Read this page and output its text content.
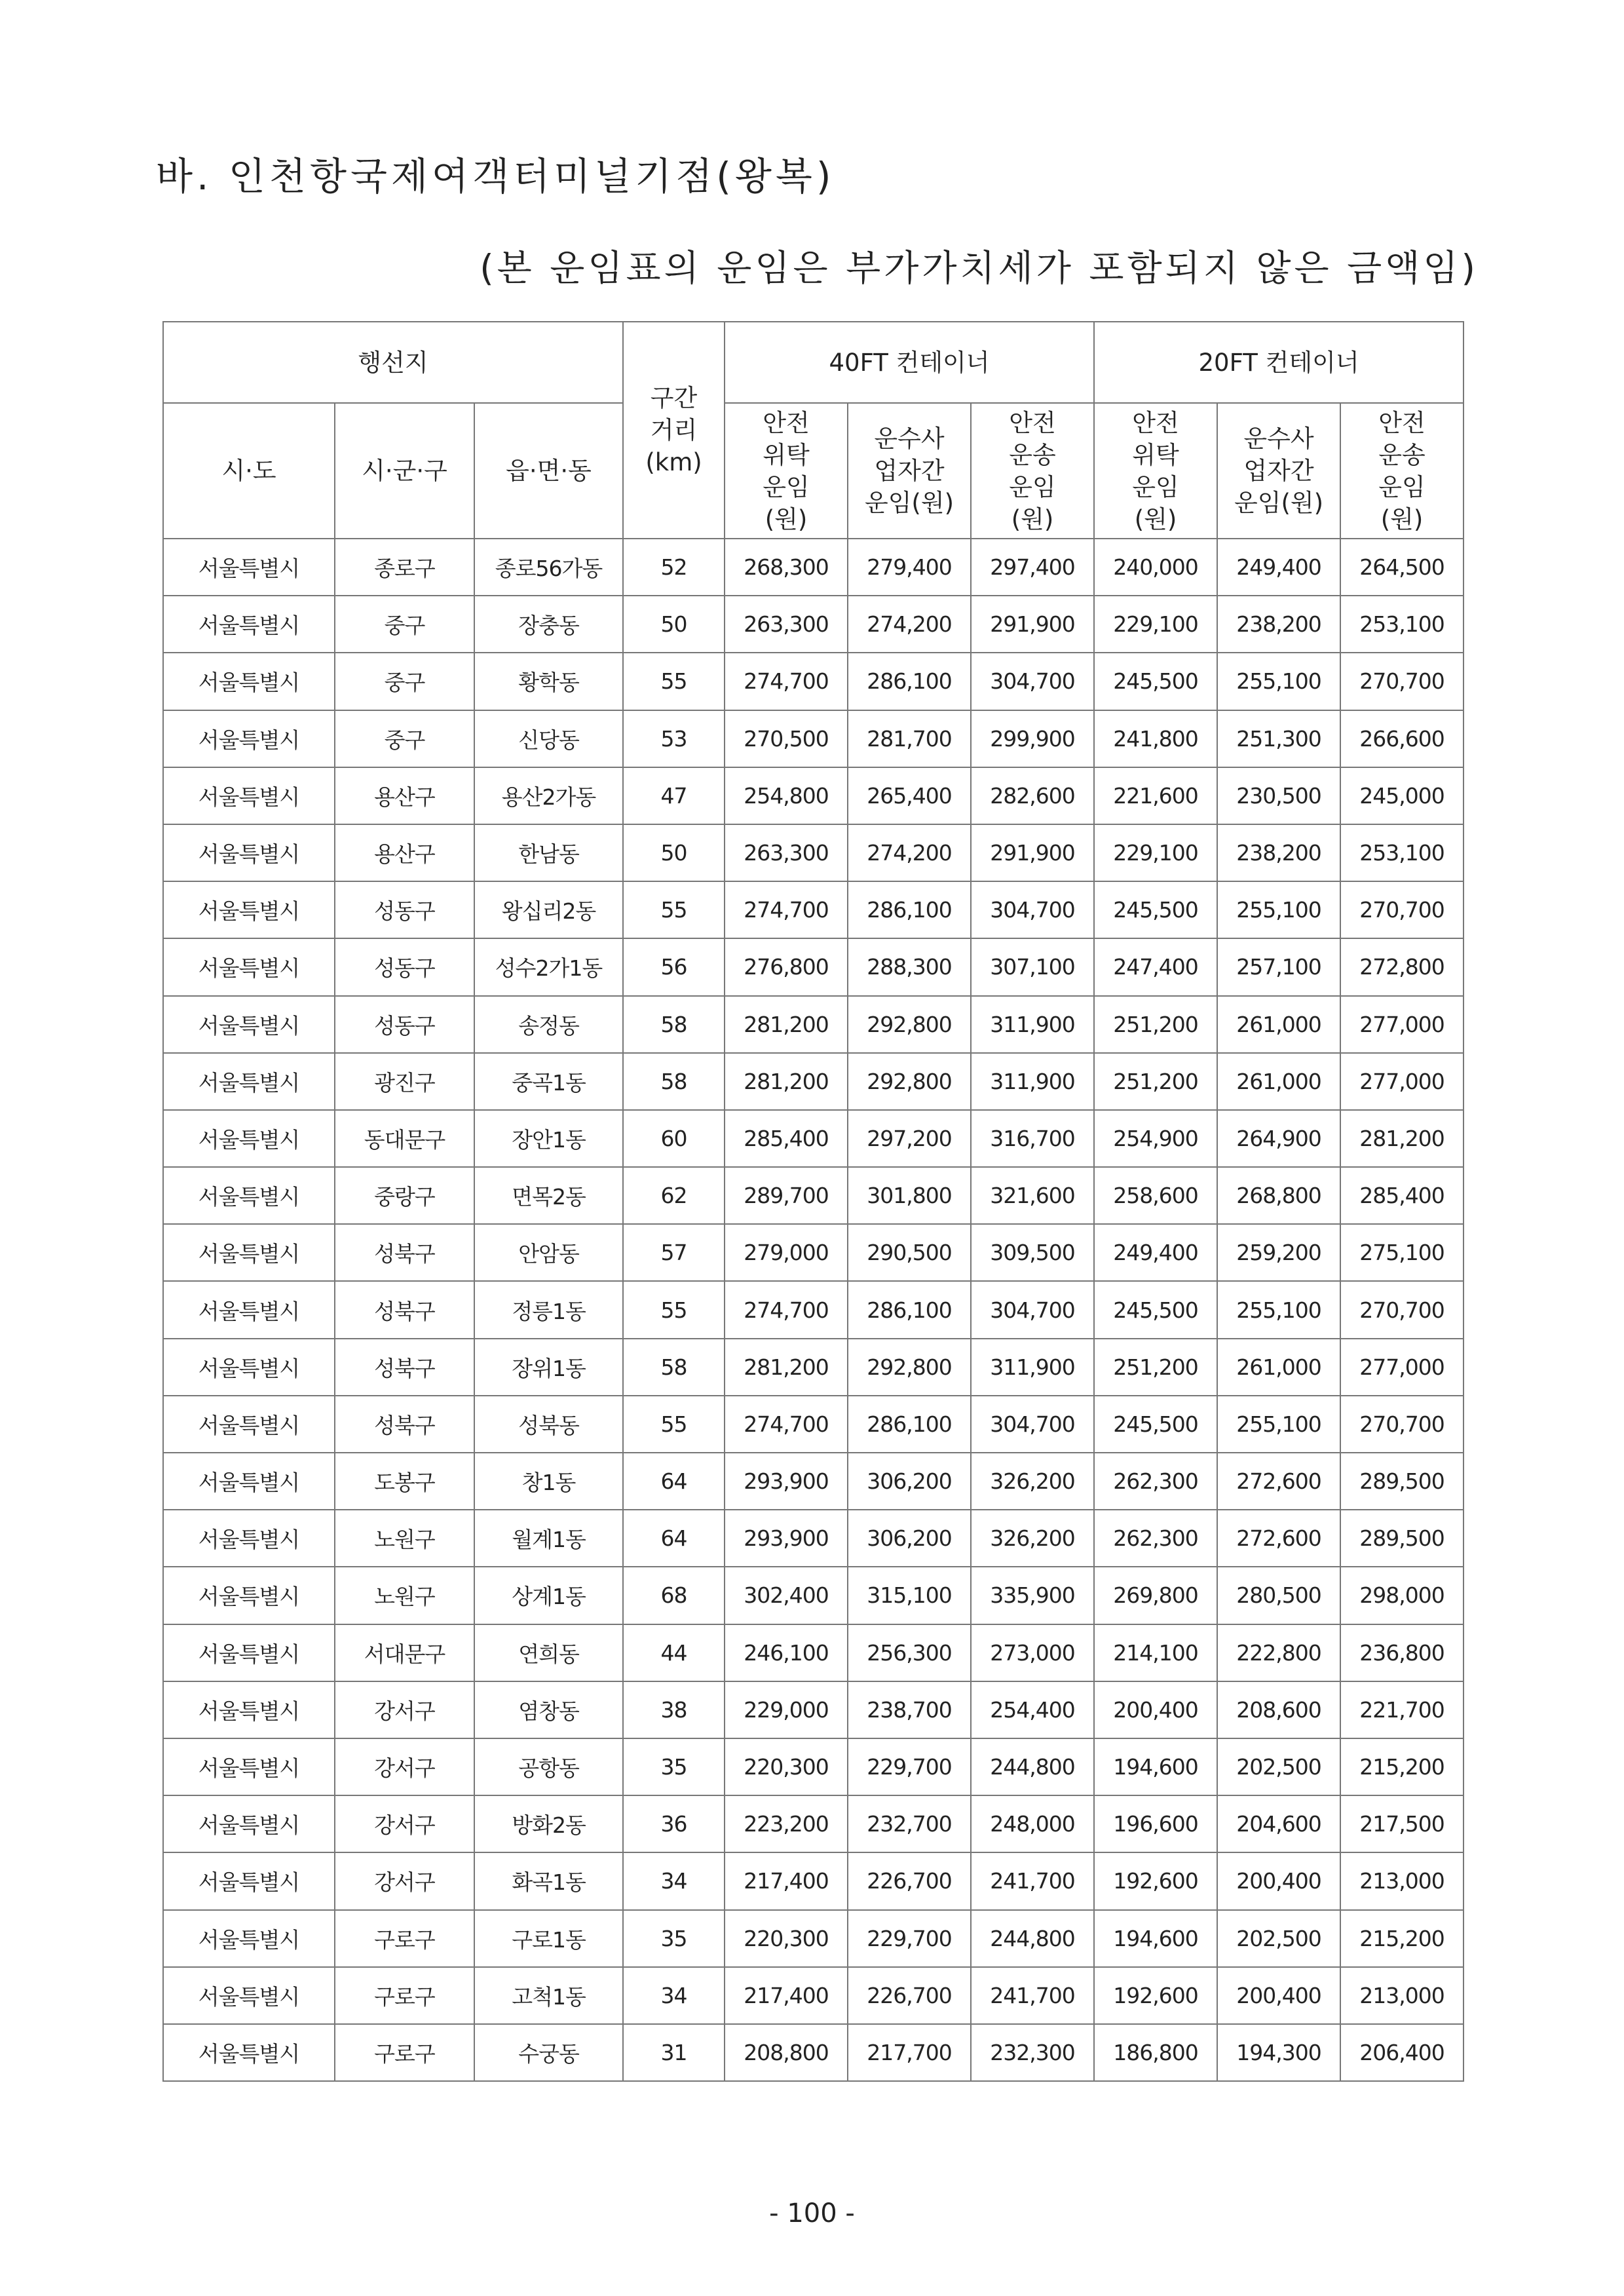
바. 인천항국제여객터미널기점(왕복)
(본 운임표의 운임은 부가가치세가 포함되지 않은 금액임)
행선지			구간거리(km)	40FT 컨테이너			20FT 컨테이너		
시·도	시·군·구	읍·면·동		안전위탁운임(원)	운수사업자간 운임(원)	안전운송운임(원)	안전위탁운임(원)	운수사업자간 운임(원)	안전운송운임(원)
서울특별시	종로구	종로56가동	52	268,300	279,400	297,400	240,000	249,400	264,500
서울특별시	중구	장충동	50	263,300	274,200	291,900	229,100	238,200	253,100
서울특별시	중구	황학동	55	274,700	286,100	304,700	245,500	255,100	270,700
서울특별시	중구	신당동	53	270,500	281,700	299,900	241,800	251,300	266,600
서울특별시	용산구	용산2가동	47	254,800	265,400	282,600	221,600	230,500	245,000
서울특별시	용산구	한남동	50	263,300	274,200	291,900	229,100	238,200	253,100
서울특별시	성동구	왕십리2동	55	274,700	286,100	304,700	245,500	255,100	270,700
서울특별시	성동구	성수2가1동	56	276,800	288,300	307,100	247,400	257,100	272,800
서울특별시	성동구	송정동	58	281,200	292,800	311,900	251,200	261,000	277,000
서울특별시	광진구	중곡1동	58	281,200	292,800	311,900	251,200	261,000	277,000
서울특별시	동대문구	장안1동	60	285,400	297,200	316,700	254,900	264,900	281,200
서울특별시	중랑구	면목2동	62	289,700	301,800	321,600	258,600	268,800	285,400
서울특별시	성북구	안암동	57	279,000	290,500	309,500	249,400	259,200	275,100
서울특별시	성북구	정릉1동	55	274,700	286,100	304,700	245,500	255,100	270,700
서울특별시	성북구	장위1동	58	281,200	292,800	311,900	251,200	261,000	277,000
서울특별시	성북구	성북동	55	274,700	286,100	304,700	245,500	255,100	270,700
서울특별시	도봉구	창1동	64	293,900	306,200	326,200	262,300	272,600	289,500
서울특별시	노원구	월계1동	64	293,900	306,200	326,200	262,300	272,600	289,500
서울특별시	노원구	상계1동	68	302,400	315,100	335,900	269,800	280,500	298,000
서울특별시	서대문구	연희동	44	246,100	256,300	273,000	214,100	222,800	236,800
서울특별시	강서구	염창동	38	229,000	238,700	254,400	200,400	208,600	221,700
서울특별시	강서구	공항동	35	220,300	229,700	244,800	194,600	202,500	215,200
서울특별시	강서구	방화2동	36	223,200	232,700	248,000	196,600	204,600	217,500
서울특별시	강서구	화곡1동	34	217,400	226,700	241,700	192,600	200,400	213,000
서울특별시	구로구	구로1동	35	220,300	229,700	244,800	194,600	202,500	215,200
서울특별시	구로구	고척1동	34	217,400	226,700	241,700	192,600	200,400	213,000
서울특별시	구로구	수궁동	31	208,800	217,700	232,300	186,800	194,300	206,400
- 100 -
